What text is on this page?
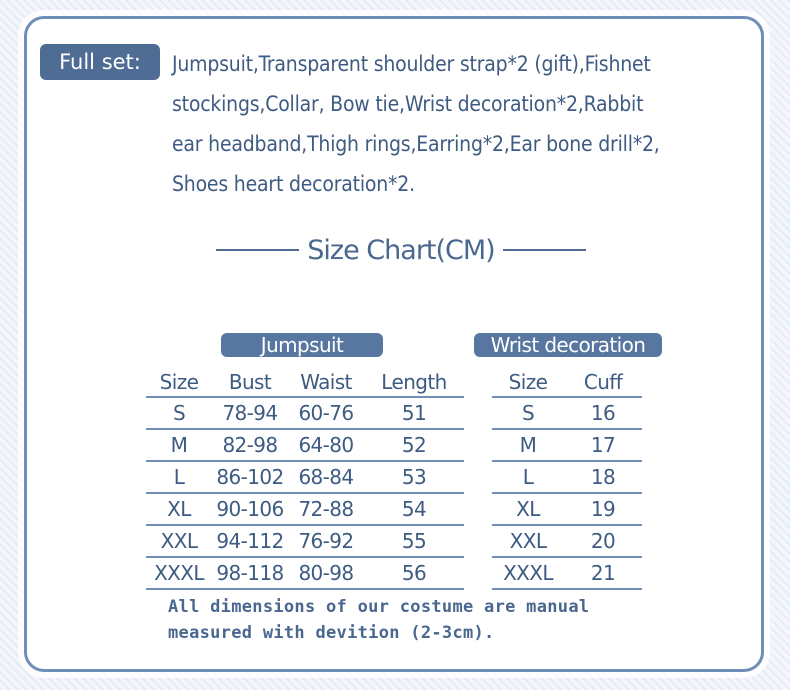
Full set:	Jumpsuit,Transparent shoulder strap*2 (gift),Fishnet
stockings,Collar, Bow tie,Wrist decoration*2,Rabbit
ear headband,Thigh rings,Earring*2,Ear bone drill*2,
Shoes heart decoration*2.
Size Chart(CM)
Jumpsuit
Size	Bust	Waist	Length
S	78-94	60-76	51
M	82-98	64-80	52
L	86-102	68-84	53
XL	90-106	72-88	54
XXL	94-112	76-92	55
XXXL	98-118	80-98	56
Wrist decoration
Size	Cuff
S	16
M	17
L	18
XL	19
XXL	20
XXXL	21
All dimensions of our costume are manual
measured with devition (2-3cm).
